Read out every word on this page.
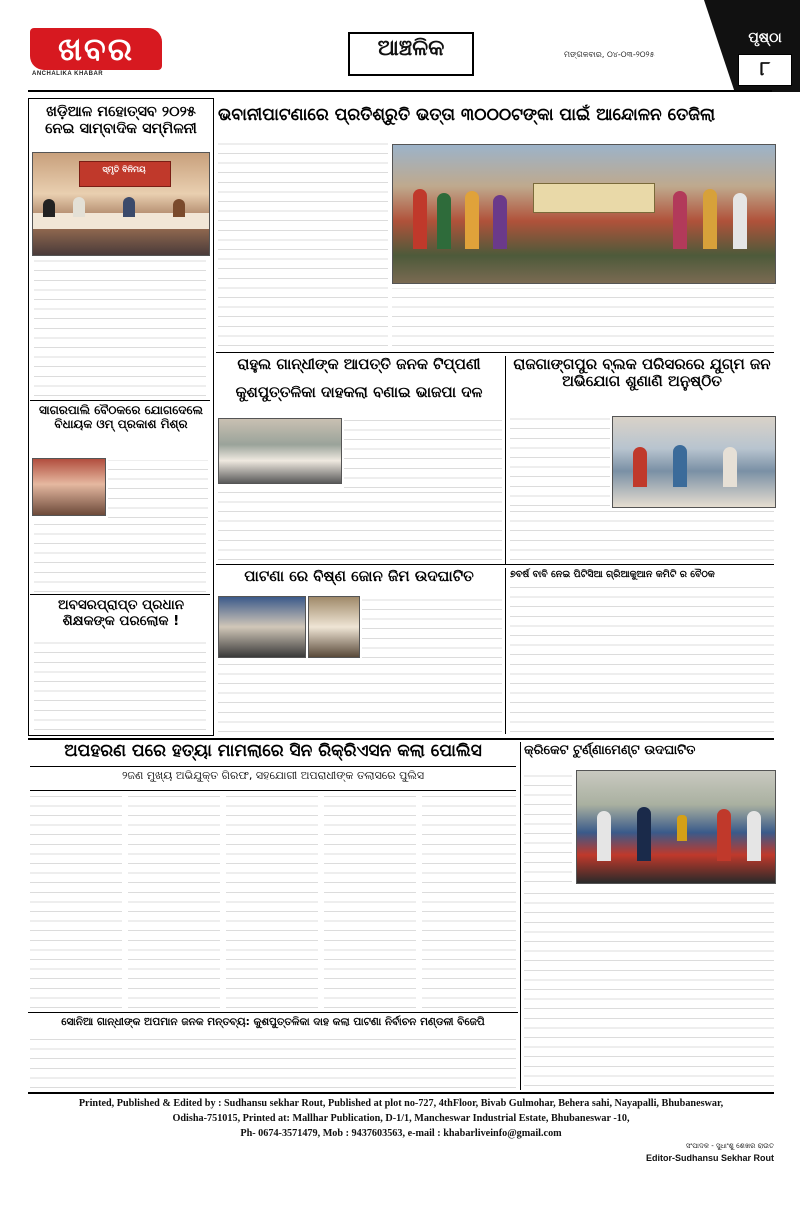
ଖବର
ANCHALIKA KHABAR
ଆଞ୍ଚଳିକ	ମଙ୍ଗଳବାର, ୦୪-୦୩-୨୦୨୫
ପୃଷ୍ଠା
୮
ଖଡ଼ିଆଳ ମହୋତ୍ସବ ୨୦୨୫ ନେଇ ସାମ୍ବାଦିକ ସମ୍ମିଳନୀ
ସ୍ମୃତି ବିନିମୟ
ସାଗରପାଲି ବୈଠକରେ ଯୋଗଦେଲେ ବିଧାୟକ ଓମ୍ ପ୍ରକାଶ ମିଶ୍ର
ଅବସରପ୍ରାପ୍ତ ପ୍ରଧାନ ଶିକ୍ଷକଙ୍କ ପରଲୋକ !
ଭବାନୀପାଟଣାରେ ପ୍ରତିଶ୍ରୁତି ଭତ୍ତା ୩୦୦୦ଟଙ୍କା ପାଇଁ ଆନ୍ଦୋଳନ ତେଜିଲା
ରାହୁଲ ଗାନ୍ଧୀଙ୍କ ଆପତ୍ତି ଜନକ ଟିପ୍ପଣୀ
କୁଶପୁତ୍ତଳିକା ଦାହକଲା ବଣାଇ ଭାଜପା ଦଳ
ରାଜଗାଙ୍ଗପୁର ବ୍ଲକ ପରିସରରେ ଯୁଗ୍ମ ଜନ ଅଭିଯୋଗ ଶୁଣାଣି ଅନୁଷ୍ଠିତ
ପାଟଣା ରେ ବିଷ୍ଣ ଜୋନ ଜିମ ଉଦଘାଟିତ	୭ବର୍ଷ ବାବି ନେଇ ପିଟିସିଆ ଗ୍ରିଆକୁଆନ କମିଟି ର ବୈଠକ
ଅପହରଣ ପରେ ହତ୍ୟା ମାମଲାରେ ସିନ ରିକ୍ରିଏସନ କଲା ପୋଲିସ
୨ଜଣ ମୁଖ୍ୟ ଅଭିଯୁକ୍ତ ଗିରଫ, ସହଯୋଗୀ ଅପରାଧୀଙ୍କ ତଲାସରେ ପୁଲିସ
କ୍ରିକେଟ ଟୁର୍ଣ୍ଣାମେଣ୍ଟ ଉଦଘାଟିତ
ସୋନିଆ ଗାନ୍ଧୀଙ୍କ ଅପମାନ ଜନକ ମନ୍ତବ୍ୟ: କୁଶପୁତ୍ତଳିକା ଦାହ କଲା ପାଟଣା ନିର୍ବାଚନ ମଣ୍ଡଳୀ ବିଜେପି
Printed, Published & Edited by : Sudhansu sekhar Rout, Published at plot no-727, 4thFloor, Bivab Gulmohar, Behera sahi, Nayapalli, Bhubaneswar,
Odisha-751015, Printed at: Mallhar Publication, D-1/1, Mancheswar Industrial Estate, Bhubaneswar -10,
Ph- 0674-3571479, Mob : 9437603563, e-mail : khabarliveinfo@gmail.com
ସଂପାଦକ - ସୁଧାଂଶୁ ଶେଖର ରାଉତ
Editor-Sudhansu Sekhar Rout
